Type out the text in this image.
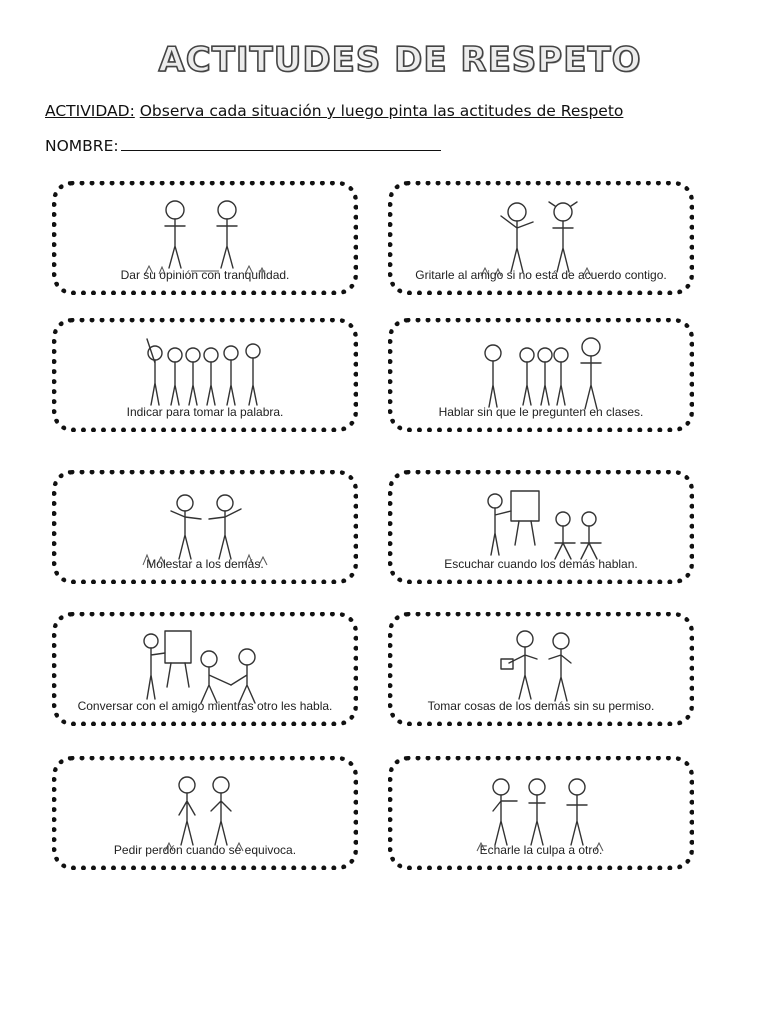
ACTITUDES DE RESPETO
ACTIVIDAD: Observa cada situación y luego pinta las actitudes de Respeto
NOMBRE:
Dar su opinión con tranquilidad.	Gritarle al amigo si no está de acuerdo contigo.
Indicar para tomar la palabra.	Hablar sin que le pregunten en clases.
Molestar a los demás.	Escuchar cuando los demás hablan.
Conversar con el amigo mientras otro les habla.	Tomar cosas de los demás sin su permiso.
Pedir perdón cuando se equivoca.	Echarle la culpa a otro.
